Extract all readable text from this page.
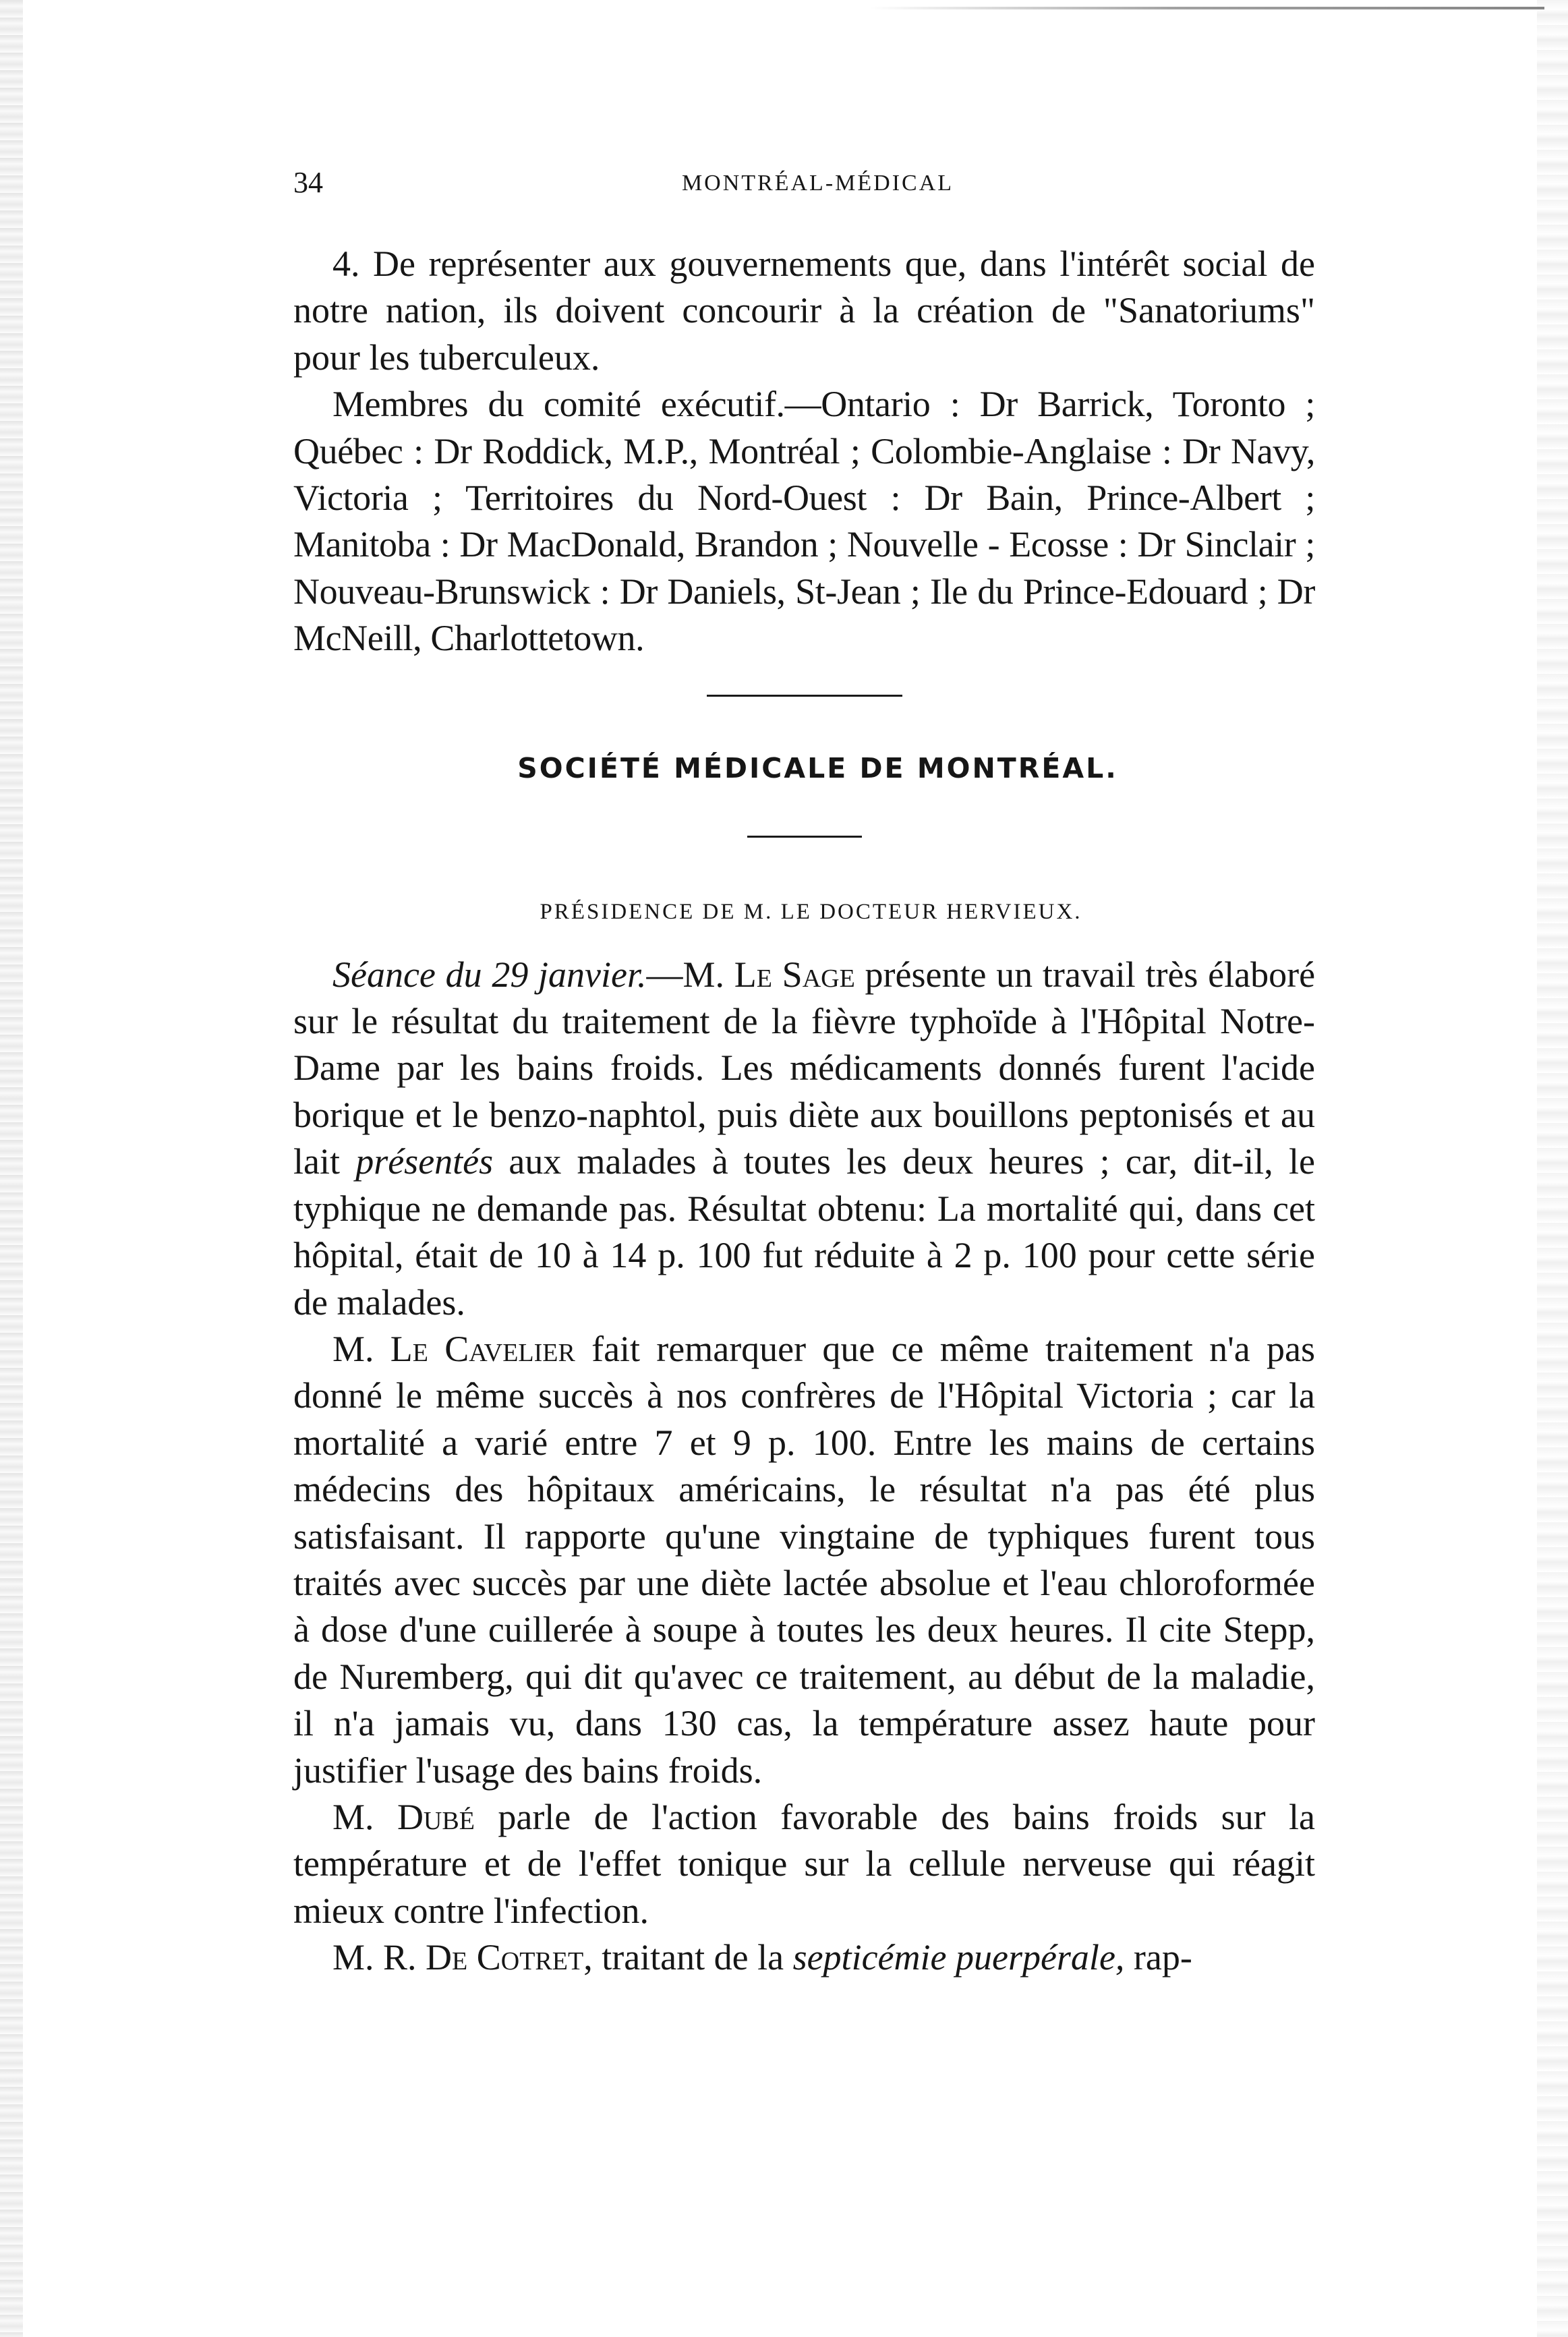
34	MONTRÉAL-MÉDICAL

4. De représenter aux gouvernements que, dans l'intérêt social de notre nation, ils doivent concourir à la création de "Sanatoriums" pour les tuberculeux.

Membres du comité exécutif.—Ontario : Dr Barrick, Toronto ; Québec : Dr Roddick, M.P., Montréal ; Colombie-Anglaise : Dr Navy, Victoria ; Territoires du Nord-Ouest : Dr Bain, Prince-Albert ; Manitoba : Dr MacDonald, Brandon ; Nouvelle - Ecosse : Dr Sinclair ; Nouveau-Brunswick : Dr Daniels, St-Jean ; Ile du Prince-Edouard ; Dr McNeill, Charlottetown.

SOCIÉTÉ MÉDICALE DE MONTRÉAL.
PRÉSIDENCE DE M. LE DOCTEUR HERVIEUX.

Séance du 29 janvier.—M. Le Sage présente un travail très élaboré sur le résultat du traitement de la fièvre typhoïde à l'Hôpital Notre-Dame par les bains froids. Les médicaments donnés furent l'acide borique et le benzo-naphtol, puis diète aux bouillons peptonisés et au lait présentés aux malades à toutes les deux heures ; car, dit-il, le typhique ne demande pas. Résultat obtenu: La mortalité qui, dans cet hôpital, était de 10 à 14 p. 100 fut réduite à 2 p. 100 pour cette série de malades.

M. Le Cavelier fait remarquer que ce même traitement n'a pas donné le même succès à nos confrères de l'Hôpital Victoria ; car la mortalité a varié entre 7 et 9 p. 100. Entre les mains de certains médecins des hôpitaux américains, le résultat n'a pas été plus satisfaisant. Il rapporte qu'une vingtaine de typhiques furent tous traités avec succès par une diète lactée absolue et l'eau chloroformée à dose d'une cuillerée à soupe à toutes les deux heures. Il cite Stepp, de Nuremberg, qui dit qu'avec ce traitement, au début de la maladie, il n'a jamais vu, dans 130 cas, la température assez haute pour justifier l'usage des bains froids.

M. Dubé parle de l'action favorable des bains froids sur la température et de l'effet tonique sur la cellule nerveuse qui réagit mieux contre l'infection.

M. R. De Cotret, traitant de la septicémie puerpérale, rap-
